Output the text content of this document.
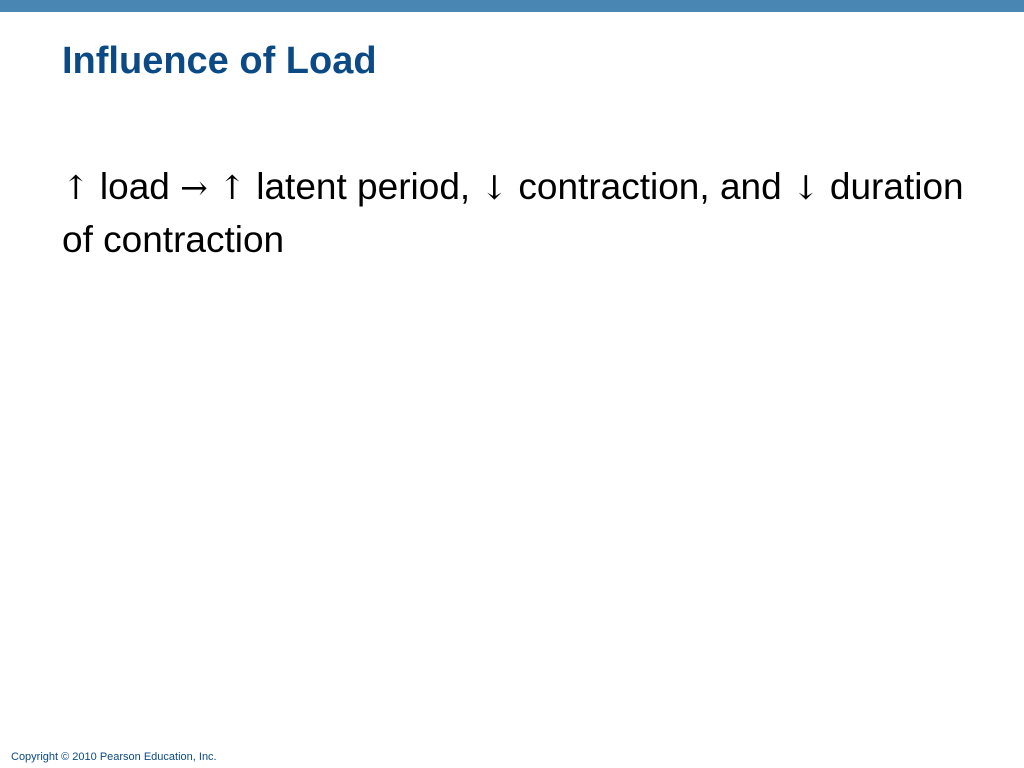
Influence of Load

↑ load → ↑ latent period, ↓ contraction, and ↓ duration of contraction

Copyright © 2010 Pearson Education, Inc.
